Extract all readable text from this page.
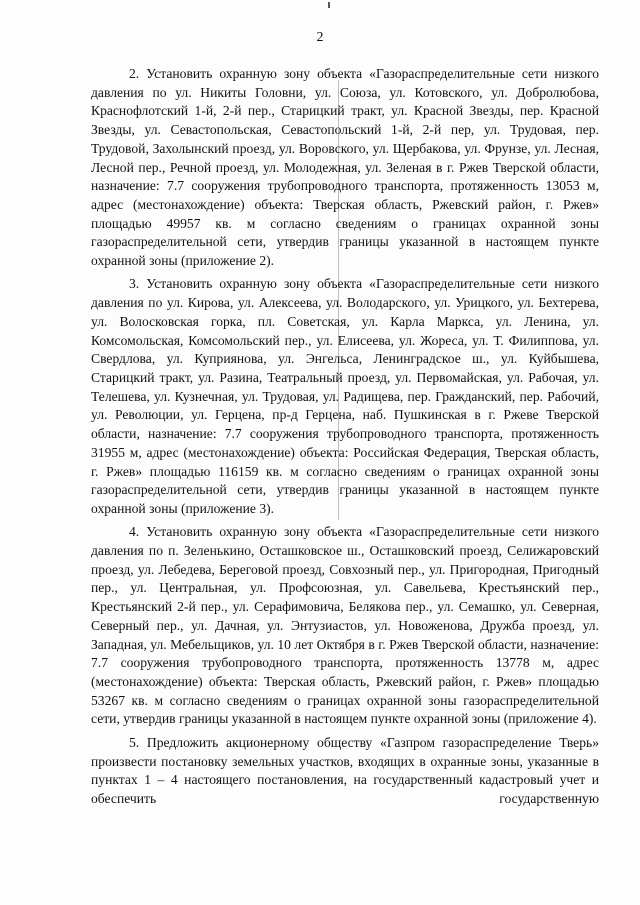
2

2. Установить охранную зону объекта «Газораспределительные сети низкого давления по ул. Никиты Головни, ул. Союза, ул. Котовского, ул. Добролюбова, Краснофлотский 1-й, 2-й пер., Старицкий тракт, ул. Красной Звезды, пер. Красной Звезды, ул. Севастопольская, Севастопольский 1-й, 2-й пер, ул. Трудовая, пер. Трудовой, Захолынский проезд, ул. Воровского, ул. Щербакова, ул. Фрунзе, ул. Лесная, Лесной пер., Речной проезд, ул. Молодежная, ул. Зеленая в г. Ржев Тверской области, назначение: 7.7 сооружения трубопроводного транспорта, протяженность 13053 м, адрес (местонахождение) объекта: Тверская область, Ржевский район, г. Ржев» площадью 49957 кв. м согласно сведениям о границах охранной зоны газораспределительной сети, утвердив границы указанной в настоящем пункте охранной зоны (приложение 2).

3. Установить охранную зону объекта «Газораспределительные сети низкого давления по ул. Кирова, ул. Алексеева, ул. Володарского, ул. Урицкого, ул. Бехтерева, ул. Волосковская горка, пл. Советская, ул. Карла Маркса, ул. Ленина, ул. Комсомольская, Комсомольский пер., ул. Елисеева, ул. Жореса, ул. Т. Филиппова, ул. Свердлова, ул. Куприянова, ул. Энгельса, Ленинградское ш., ул. Куйбышева, Старицкий тракт, ул. Разина, Театральный проезд, ул. Первомайская, ул. Рабочая, ул. Телешева, ул. Кузнечная, ул. Трудовая, ул. Радищева, пер. Гражданский, пер. Рабочий, ул. Революции, ул. Герцена, пр-д Герцена, наб. Пушкинская в г. Ржеве Тверской области, назначение: 7.7 сооружения трубопроводного транспорта, протяженность 31955 м, адрес (местонахождение) объекта: Российская Федерация, Тверская область, г. Ржев» площадью 116159 кв. м согласно сведениям о границах охранной зоны газораспределительной сети, утвердив границы указанной в настоящем пункте охранной зоны (приложение 3).

4. Установить охранную зону объекта «Газораспределительные сети низкого давления по п. Зеленькино, Осташковское ш., Осташковский проезд, Селижаровский проезд, ул. Лебедева, Береговой проезд, Совхозный пер., ул. Пригородная, Пригодный пер., ул. Центральная, ул. Профсоюзная, ул. Савельева, Крестьянский пер., Крестьянский 2-й пер., ул. Серафимовича, Белякова пер., ул. Семашко, ул. Северная, Северный пер., ул. Дачная, ул. Энтузиастов, ул. Новоженова, Дружба проезд, ул. Западная, ул. Мебельщиков, ул. 10 лет Октября в г. Ржев Тверской области, назначение: 7.7 сооружения трубопроводного транспорта, протяженность 13778 м, адрес (местонахождение) объекта: Тверская область, Ржевский район, г. Ржев» площадью 53267 кв. м согласно сведениям о границах охранной зоны газораспределительной сети, утвердив границы указанной в настоящем пункте охранной зоны (приложение 4).

5. Предложить акционерному обществу «Газпром газораспределение Тверь» произвести постановку земельных участков, входящих в охранные зоны, указанные в пунктах 1 – 4 настоящего постановления, на государственный кадастровый учет и обеспечить государственную
